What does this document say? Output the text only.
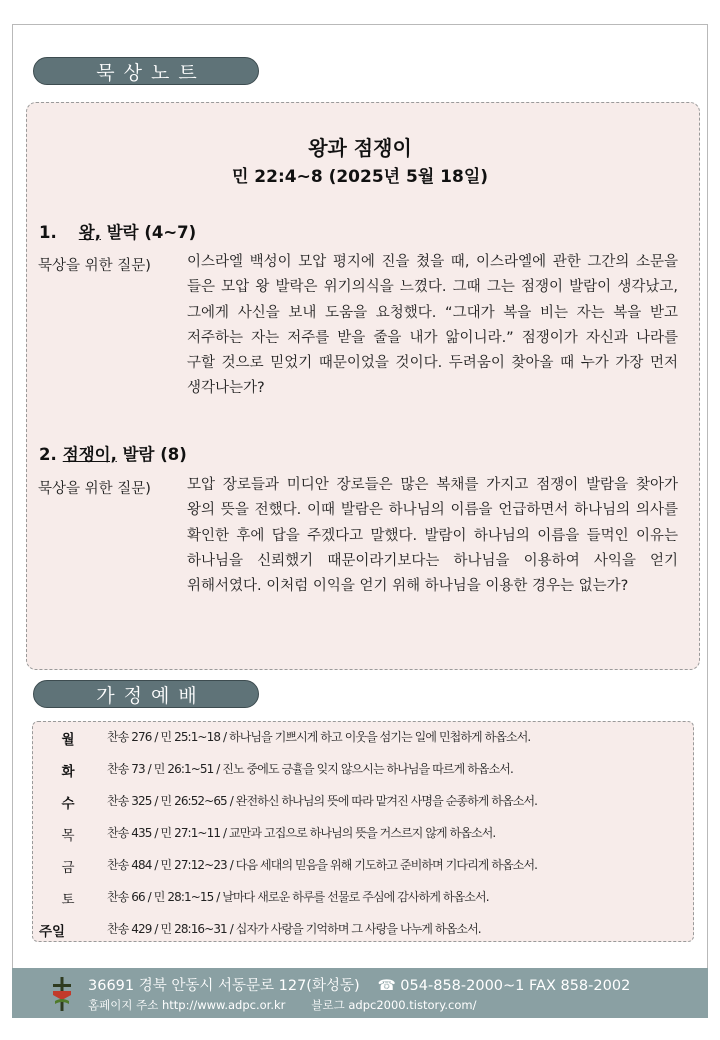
묵상노트
왕과 점쟁이
민 22:4~8 (2025년 5월 18일)
1. 왕, 발락 (4~7)
묵상을 위한 질문) 이스라엘 백성이 모압 평지에 진을 쳤을 때, 이스라엘에 관한 그간의 소문을 들은 모압 왕 발락은 위기의식을 느꼈다. 그때 그는 점쟁이 발람이 생각났고, 그에게 사신을 보내 도움을 요청했다. “그대가 복을 비는 자는 복을 받고 저주하는 자는 저주를 받을 줄을 내가 앎이니라.” 점쟁이가 자신과 나라를 구할 것으로 믿었기 때문이었을 것이다. 두려움이 찾아올 때 누가 가장 먼저 생각나는가?
2. 점쟁이, 발람 (8)
묵상을 위한 질문) 모압 장로들과 미디안 장로들은 많은 복채를 가지고 점쟁이 발람을 찾아가 왕의 뜻을 전했다. 이때 발람은 하나님의 이름을 언급하면서 하나님의 의사를 확인한 후에 답을 주겠다고 말했다. 발람이 하나님의 이름을 들먹인 이유는 하나님을 신뢰했기 때문이라기보다는 하나님을 이용하여 사익을 얻기 위해서였다. 이처럼 이익을 얻기 위해 하나님을 이용한 경우는 없는가?
가정예배
월	찬송 276 / 민 25:1~18 / 하나님을 기쁘시게 하고 이웃을 섬기는 일에 민첩하게 하옵소서.
화	찬송 73 / 민 26:1~51 / 진노 중에도 긍휼을 잊지 않으시는 하나님을 따르게 하옵소서.
수	찬송 325 / 민 26:52~65 / 완전하신 하나님의 뜻에 따라 맡겨진 사명을 순종하게 하옵소서.
목	찬송 435 / 민 27:1~11 / 교만과 고집으로 하나님의 뜻을 거스르지 않게 하옵소서.
금	찬송 484 / 민 27:12~23 / 다음 세대의 믿음을 위해 기도하고 준비하며 기다리게 하옵소서.
토	찬송 66 / 민 28:1~15 / 날마다 새로운 하루를 선물로 주심에 감사하게 하옵소서.
주일	찬송 429 / 민 28:16~31 / 십자가 사랑을 기억하며 그 사랑을 나누게 하옵소서.
36691 경북 안동시 서동문로 127(화성동) ☎ 054-858-2000~1 FAX 858-2002
홈페이지 주소 http://www.adpc.or.kr 블로그 adpc2000.tistory.com/
